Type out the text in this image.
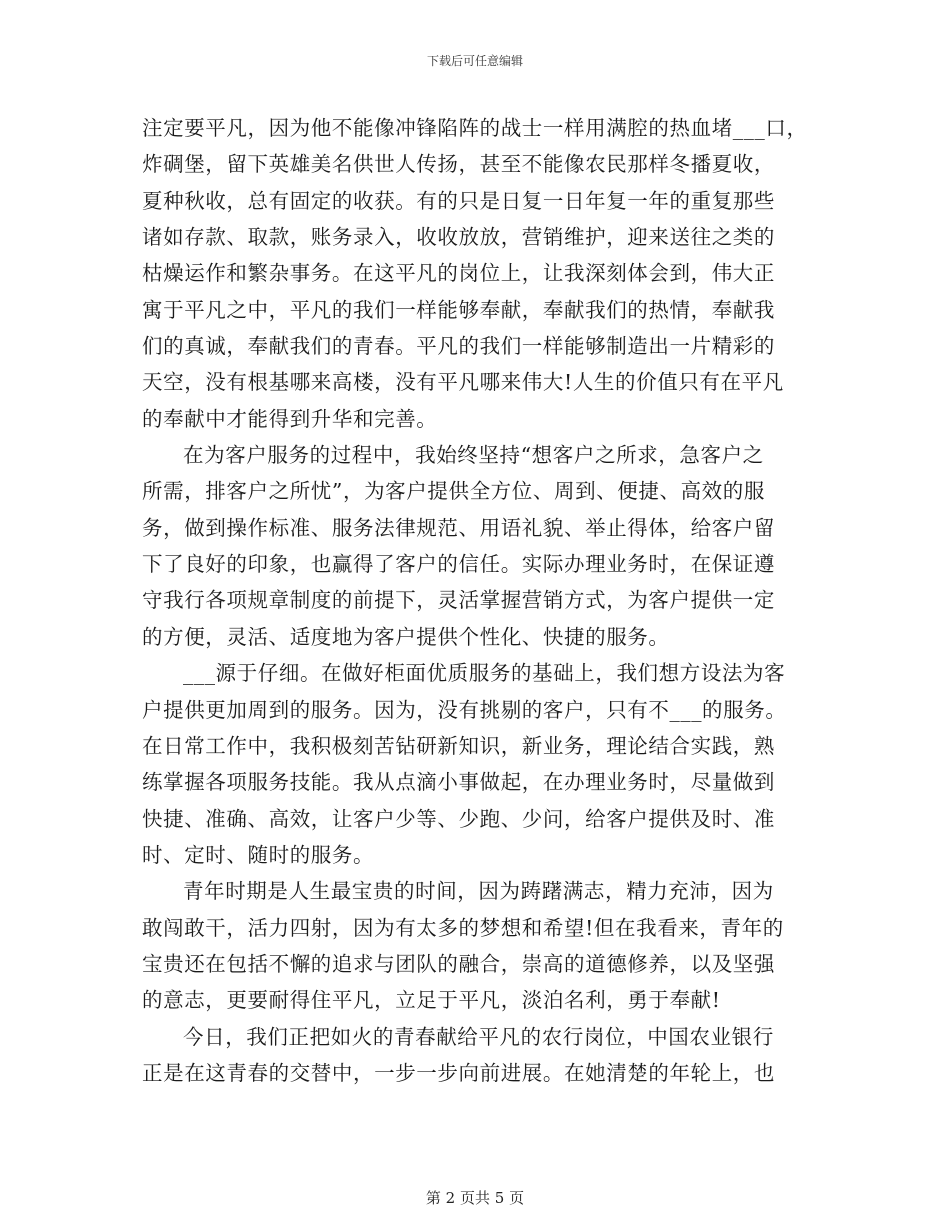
下载后可任意编辑
注定要平凡，因为他不能像冲锋陷阵的战士一样用满腔的热血堵___口，
炸碉堡，留下英雄美名供世人传扬，甚至不能像农民那样冬播夏收，
夏种秋收，总有固定的收获。有的只是日复一日年复一年的重复那些
诸如存款、取款，账务录入，收收放放，营销维护，迎来送往之类的
枯燥运作和繁杂事务。在这平凡的岗位上，让我深刻体会到，伟大正
寓于平凡之中，平凡的我们一样能够奉献，奉献我们的热情，奉献我
们的真诚，奉献我们的青春。平凡的我们一样能够制造出一片精彩的
天空，没有根基哪来高楼，没有平凡哪来伟大!人生的价值只有在平凡
的奉献中才能得到升华和完善。
在为客户服务的过程中，我始终坚持“想客户之所求，急客户之
所需，排客户之所忧”，为客户提供全方位、周到、便捷、高效的服
务，做到操作标准、服务法律规范、用语礼貌、举止得体，给客户留
下了良好的印象，也赢得了客户的信任。实际办理业务时，在保证遵
守我行各项规章制度的前提下，灵活掌握营销方式，为客户提供一定
的方便，灵活、适度地为客户提供个性化、快捷的服务。
___源于仔细。在做好柜面优质服务的基础上，我们想方设法为客
户提供更加周到的服务。因为，没有挑剔的客户，只有不___的服务。
在日常工作中，我积极刻苦钻研新知识，新业务，理论结合实践，熟
练掌握各项服务技能。我从点滴小事做起，在办理业务时，尽量做到
快捷、准确、高效，让客户少等、少跑、少问，给客户提供及时、准
时、定时、随时的服务。
青年时期是人生最宝贵的时间，因为踌躇满志，精力充沛，因为
敢闯敢干，活力四射，因为有太多的梦想和希望!但在我看来，青年的
宝贵还在包括不懈的追求与团队的融合，崇高的道德修养，以及坚强
的意志，更要耐得住平凡，立足于平凡，淡泊名利，勇于奉献!
今日，我们正把如火的青春献给平凡的农行岗位，中国农业银行
正是在这青春的交替中，一步一步向前进展。在她清楚的年轮上，也
第 2 页共 5 页
